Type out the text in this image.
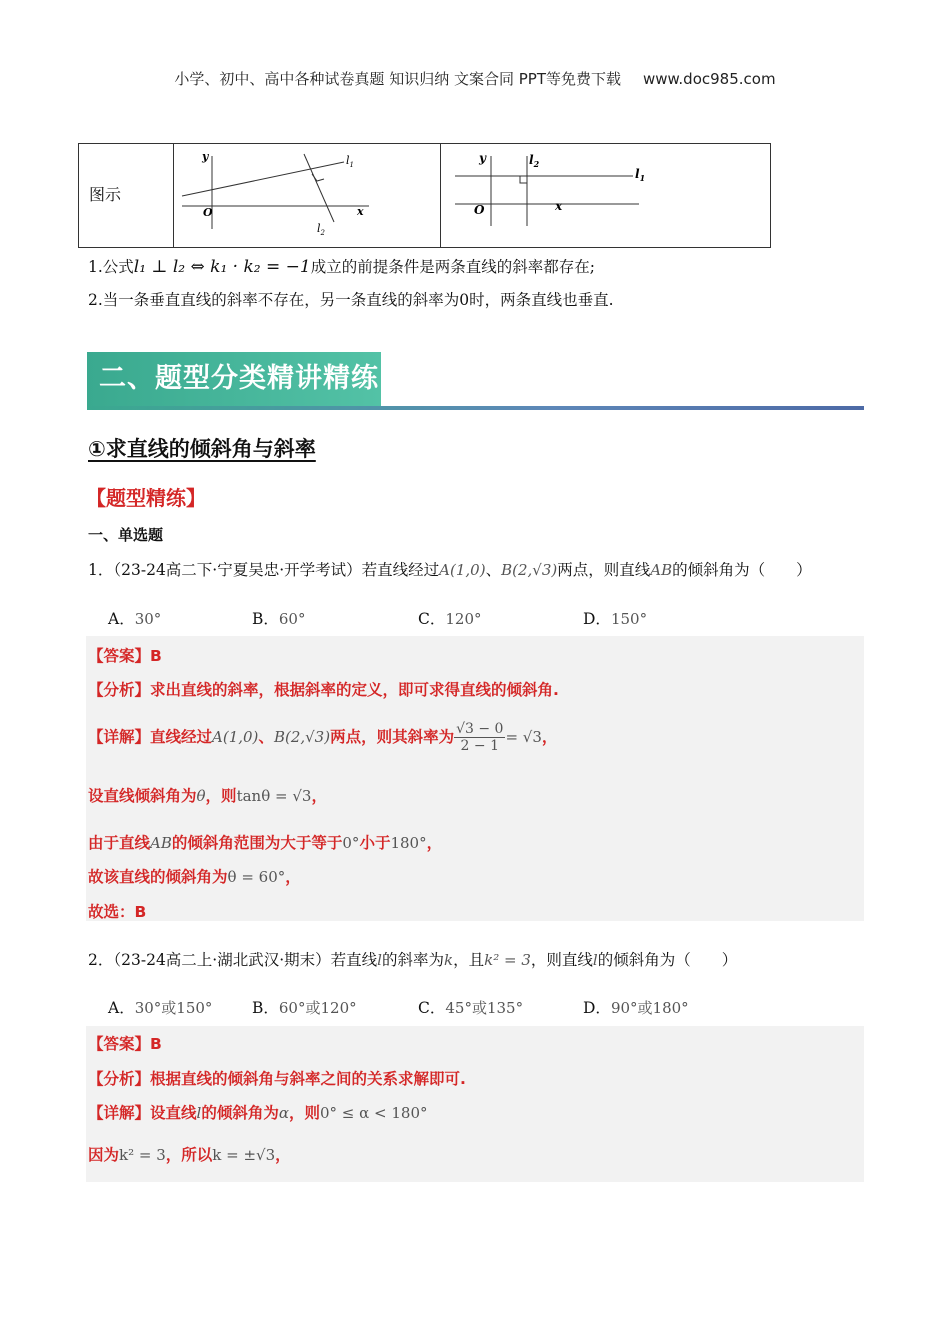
小学、初中、高中各种试卷真题 知识归纳 文案合同 PPT等免费下载 www.doc985.com
图示
y
x
O
$l_1$
$l_2$
y
x
O
$l_1$
$l_2$
1.公式l₁ ⊥ l₂ ⇔ k₁ · k₂ = −1成立的前提条件是两条直线的斜率都存在;
2.当一条垂直直线的斜率不存在，另一条直线的斜率为0时，两条直线也垂直.
二、题型分类精讲精练
①求直线的倾斜角与斜率
【题型精练】
一、单选题
1．（23-24高二下·宁夏吴忠·开学考试）若直线经过A(1,0)、B(2,√3)两点，则直线AB的倾斜角为（　　）
A．30°	B．60°	C．120°	D．150°
【答案】B
【分析】求出直线的斜率，根据斜率的定义，即可求得直线的倾斜角.
【详解】直线经过A(1,0)、B(2,√3)两点，则其斜率为 $\frac{√3 - 0}{2 - 1} = √3$，
设直线倾斜角为θ，则tanθ = √3，
由于直线AB的倾斜角范围为大于等于0°小于180°，
故该直线的倾斜角为θ = 60°，
故选：B
2．（23-24高二上·湖北武汉·期末）若直线l的斜率为k，且k² = 3，则直线l的倾斜角为（　　）
A．30°或150°	B．60°或120°	C．45°或135°	D．90°或180°
【答案】B
【分析】根据直线的倾斜角与斜率之间的关系求解即可.
【详解】设直线l的倾斜角为α，则0° ≤ α < 180°
因为k² = 3，所以k = ±√3，
